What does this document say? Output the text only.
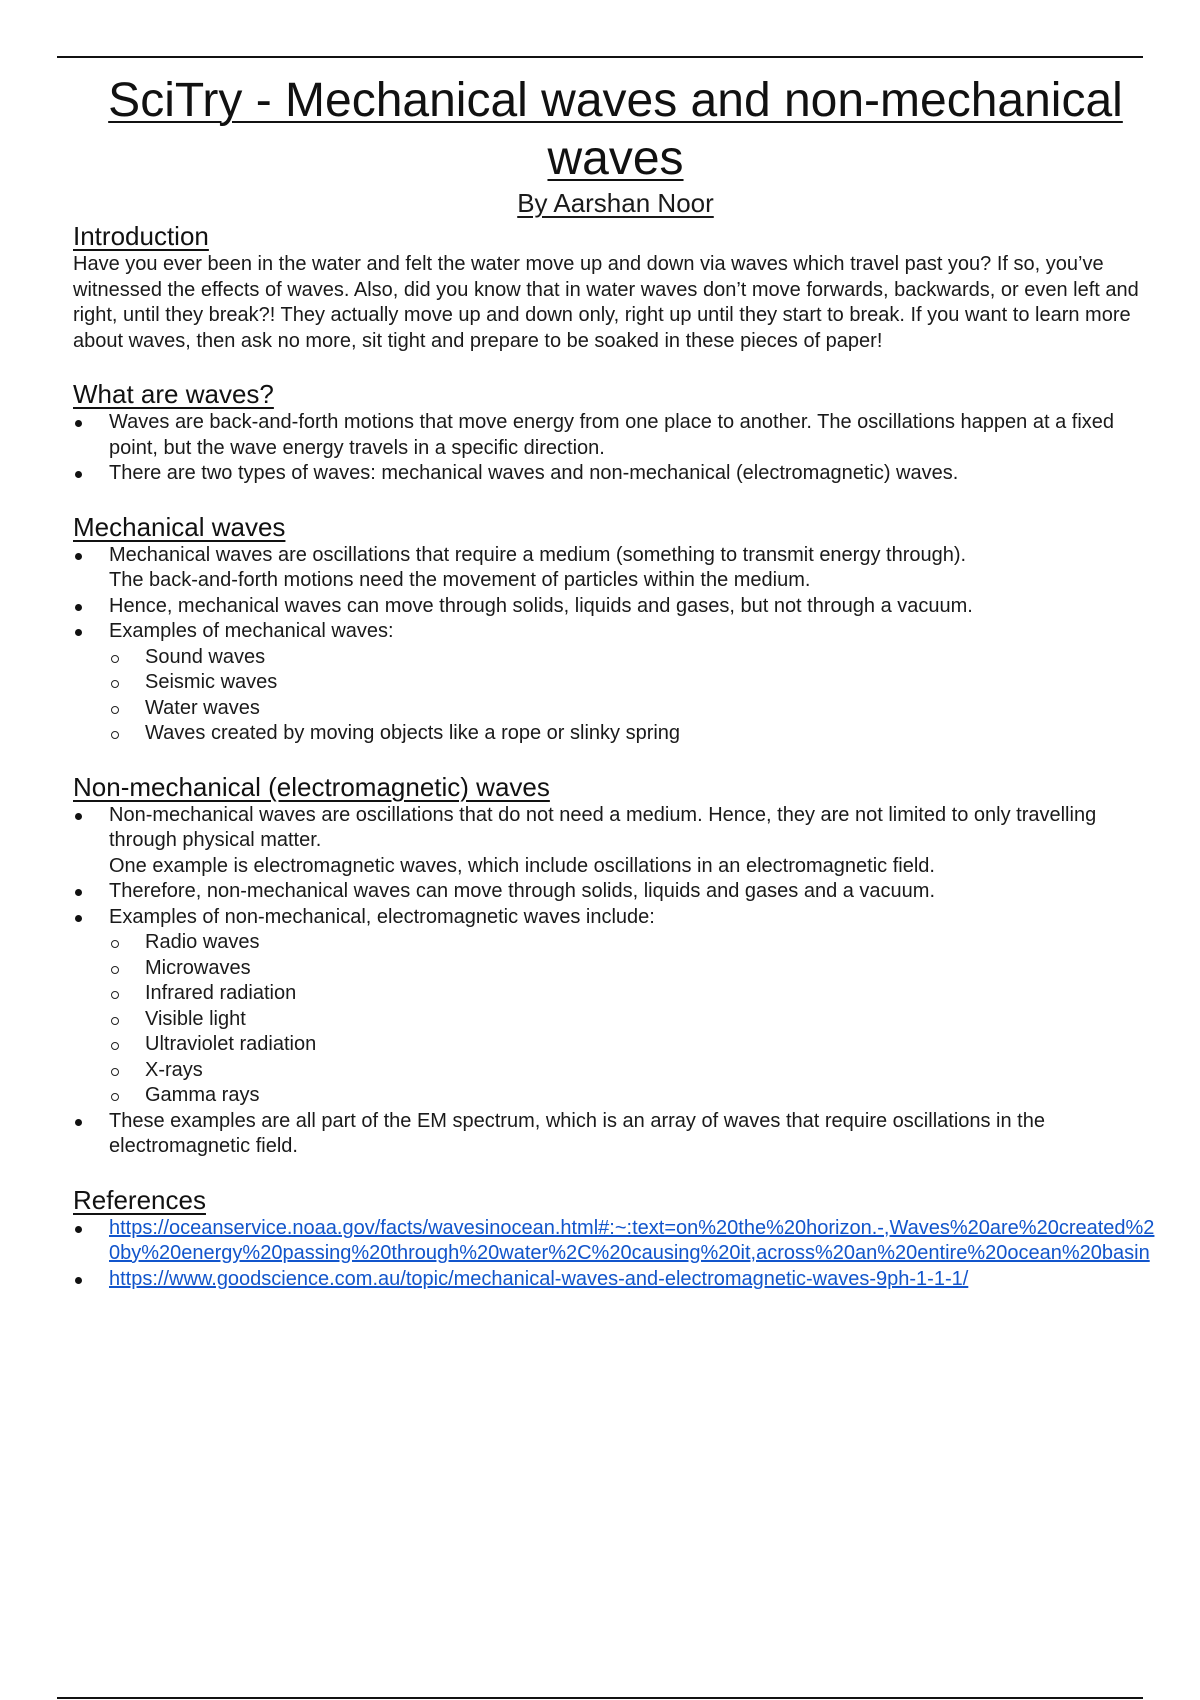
SciTry - Mechanical waves and non-mechanical
waves

By Aarshan Noor

Introduction

Have you ever been in the water and felt the water move up and down via waves which travel past you? If so, you’ve witnessed the effects of waves. Also, did you know that in water waves don’t move forwards, backwards, or even left and right, until they break?! They actually move up and down only, right up until they start to break. If you want to learn more about waves, then ask no more, sit tight and prepare to be soaked in these pieces of paper!

What are waves?
Waves are back-and-forth motions that move energy from one place to another. The oscillations happen at a fixed point, but the wave energy travels in a specific direction.
There are two types of waves: mechanical waves and non-mechanical (electromagnetic) waves.
Mechanical waves
Mechanical waves are oscillations that require a medium (something to transmit energy through).
The back-and-forth motions need the movement of particles within the medium.
Hence, mechanical waves can move through solids, liquids and gases, but not through a vacuum.
Examples of mechanical waves:
Sound waves
Seismic waves
Water waves
Waves created by moving objects like a rope or slinky spring
Non-mechanical (electromagnetic) waves
Non-mechanical waves are oscillations that do not need a medium. Hence, they are not limited to only travelling through physical matter.
One example is electromagnetic waves, which include oscillations in an electromagnetic field.
Therefore, non-mechanical waves can move through solids, liquids and gases and a vacuum.
Examples of non-mechanical, electromagnetic waves include:
Radio waves
Microwaves
Infrared radiation
Visible light
Ultraviolet radiation
X-rays
Gamma rays
These examples are all part of the EM spectrum, which is an array of waves that require oscillations in the electromagnetic field.
References
https://oceanservice.noaa.gov/facts/wavesinocean.html#:~:text=on%20the%20horizon.-,Waves%20are%20created%20by%20energy%20passing%20through%20water%2C%20causing%20it,across%20an%20entire%20ocean%20basin
https://www.goodscience.com.au/topic/mechanical-waves-and-electromagnetic-waves-9ph-1-1-1/
